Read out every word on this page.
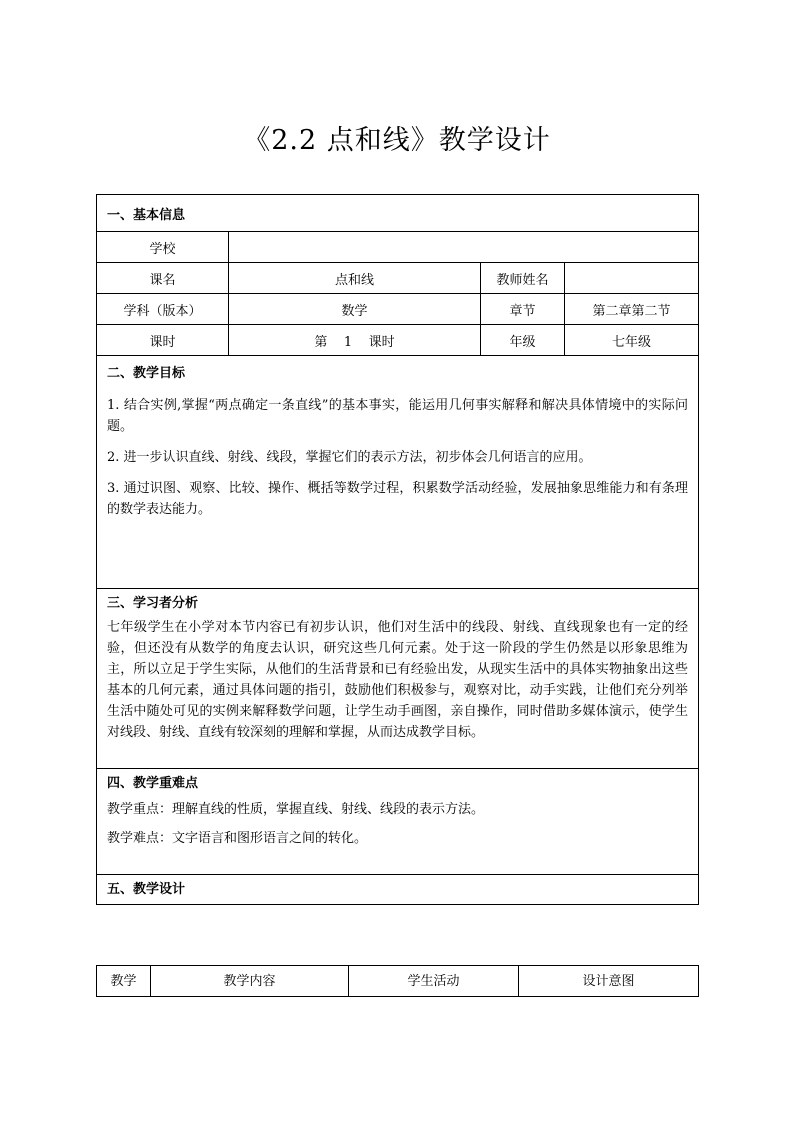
《2.2 点和线》教学设计
一、基本信息			
学校			
课名	点和线	教师姓名	
学科（版本）	数学	章节	第二章第二节
课时	第    1    课时	年级	七年级

二、教学目标

1. 结合实例,掌握“两点确定一条直线”的基本事实，能运用几何事实解释和解决具体情境中的实际问题。

2. 进一步认识直线、射线、线段，掌握它们的表示方法，初步体会几何语言的应用。

3. 通过识图、观察、比较、操作、概括等数学过程，积累数学活动经验，发展抽象思维能力和有条理的数学表达能力。			

三、学习者分析

七年级学生在小学对本节内容已有初步认识，他们对生活中的线段、射线、直线现象也有一定的经验，但还没有从数学的角度去认识，研究这些几何元素。处于这一阶段的学生仍然是以形象思维为主，所以立足于学生实际，从他们的生活背景和已有经验出发，从现实生活中的具体实物抽象出这些基本的几何元素，通过具体问题的指引，鼓励他们积极参与，观察对比，动手实践，让他们充分列举生活中随处可见的实例来解释数学问题，让学生动手画图，亲自操作，同时借助多媒体演示，使学生对线段、射线、直线有较深刻的理解和掌握，从而达成教学目标。			

四、教学重难点

教学重点：理解直线的性质，掌握直线、射线、线段的表示方法。

教学难点：文字语言和图形语言之间的转化。			

五、教学设计			
教学	教学内容	学生活动	设计意图
